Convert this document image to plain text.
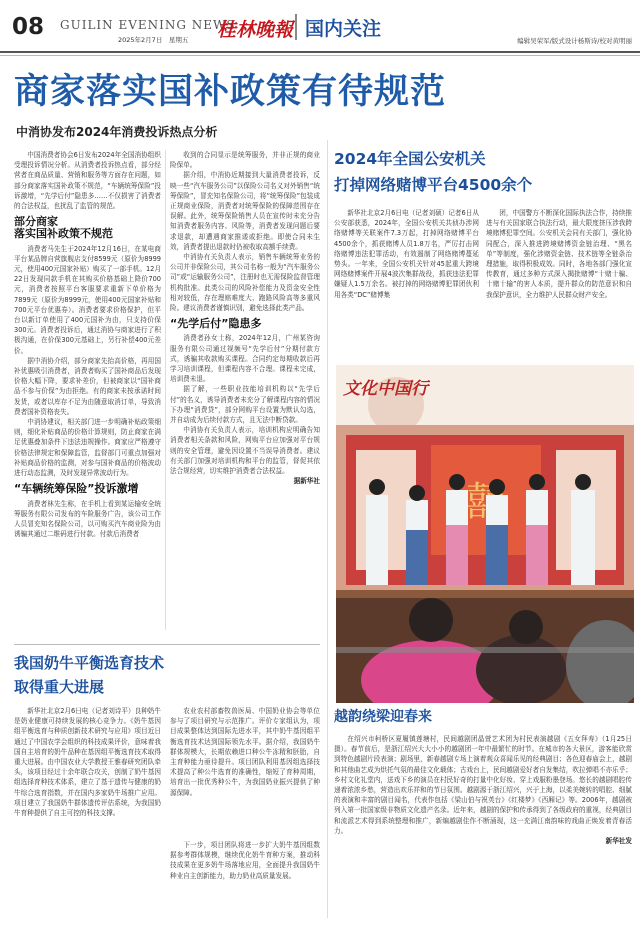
08 GUILIN EVENING NEWS
2025年2月7日　星期五 桂林晚報 国内关注
编辑吴荣军/版式设计杨斯诗/校对黄明丽
商家落实国补政策有待规范
中消协发布2024年消费投诉热点分析

中国消费者协会6日发布2024年全国消协组织受理投诉情况分析。从消费者投诉热点看，部分经营者在商品质量、营销和服务等方面存在问题，如部分商家落实国补政策不规范，“车辆统筹保险”投诉激增，“先学后付”隐患多……不仅损害了消费者的合法权益，也扰乱了监管的规范。

部分商家
落实国补政策不规范

消费者马先生于2024年12月16日，在某电商平台某品牌自营旗舰店支付8599元（原价为8999元，使用400元国家补贴）购买了一部手机。12月22日发现同款手机在其购买价格基础上降价700元，消费者按照平台客服要求重新下单价格为7899元（原价为8999元，使用400元国家补贴和700元平台优惠券）。消费者要求价格保护，但平台以新订单使用了400元国补为由，只支持价保300元。消费者投诉后，通过消协与商家进行了积极沟通，在价保300元基础上，另行补偿400元差价。

据中消协介绍，部分商家先抬高价格，再用国补优惠吸引消费者，消费者购买了国补商品后发现价格大幅下降，要求补差价，但被商家以“国补商品不参与价保”为由拒绝。有的商家未按承诺时间发货，或者以库存不足为由随意取消订单，导致消费者国补资格丧失。

中消协建议，相关部门进一步明确补贴政策细则，细化补贴商品的价格计算规则，防止商家在满足优惠叠加条件下违法违规操作。商家应严格遵守价格法律规定和保障监管，监督部门可重点加强对补贴商品价格的监测，对参与国补商品的价格波动进行动态监测，及时发现异常波动行为。

“车辆统筹保险”投诉激增

消费者林先生称，在手机上看到某运输安全统筹服务有限公司发布的车险服务广告，该公司工作人员冒充知名保险公司，以可购买汽车商业险为由诱骗其通过二维码进行付款。付款后消费者

收到的合同显示是统筹服务，并非正规的商业险保单。

据介绍，中消协近期接到大量消费者投诉，反映一些“汽车服务公司”以保险公司名义对外销售“统筹保险”，冒充知名保险公司，将“统筹保险”包装成正规商业保险，消费者对统筹保险的保障范围存在误解。此外，统筹保险销售人员在宣传时未充分告知消费者服务内容、风险等，消费者发现问题后要求退款，却遭遇商家推诿或拒绝。即使合同未生效，消费者提出退款时仍被收取高额手续费。

中消协有关负责人表示，销售车辆统筹业务的公司并非保险公司，其公司名称一般为“汽车服务公司”或“运输服务公司”，注册时也无需保险监督管理机构批准。此类公司的风险补偿能力及资金安全性相对较低，存在理赔难度大、跑路风险高等多重风险。建议消费者谨慎识别，避免选择此类产品。

“先学后付”隐患多

消费者孙女士称，2024年12月，广州某咨询服务有限公司通过视频号“先学后付”分期付款方式，诱骗其收款购买课程。合同约定每期收款后再学习培训课程，但课程内容不合理。课程未完成，培训费未退。

据了解，一些职业技能培训机构以“先学后付”的名义，诱导消费者未充分了解课程内容的情况下办理“消费贷”，部分网购平台设置为默认勾选，并自动成为后续付款方式，且无法中断贷款。

中消协有关负责人表示，培训机构应明确告知消费者相关条款和风险，网购平台应加强对平台规则的安全管理，避免因设置不当误导消费者。建议有关部门加强对培训机构和平台的监管，督促其依法合规经营，切实维护消费者合法权益。

据新华社
2024年全国公安机关
打掉网络赌博平台4500余个

新华社北京2月6日电（记者刘硕）记者6日从公安部获悉，2024年，全国公安机关共侦办涉网络赌博等关联案件7.3万起，打掉网络赌博平台4500余个，抓获赌博人员1.8万名，严厉打击网络赌博违法犯罪活动，有效遏制了网络赌博蔓延势头。一年来，全国公安机关针对45起重大跨境网络赌博案件开展4波次集群战役，抓获违法犯罪嫌疑人1.5万余名。被打掉的网络赌博犯罪团伙利用各类“DC”赌博集

团，中国警方不断深化国际执法合作，持续推进与有关国家联合执法行动，最大限度挤压涉我跨境赌博犯罪空间。公安机关会同有关部门，强化协同配合，深入推进跨境赌博资金链治理、“黑名单”等制度，强化涉赌资金链、技术链等全链条治理措施，取得积极成效。同时，各地各部门强化宣传教育，通过多种方式深入揭批赌博“十赌十骗、十赌十输”的害人本质，提升群众的防范意识和自我保护意识，全力维护人民群众财产安全。

文化中国行
越韵绕梁迎春来

在绍兴市柯桥区夏履镇莲塘村，民间越剧团晶萱艺术团为村民表演越剧《五女拜寿》（1月25日摄）。春节前后，是浙江绍兴大大小小的越剧团一年中最繁忙的时节。在城市的各大景区，游客能欣赏到特色越剧片段表演；剧场里，新春越剧专场上演着观众喜闻乐见的经典剧目；各色迎春庙会上，越剧和其他曲艺成为烘托气氛的最佳文化载体；古戏台上，民间越剧爱好者自发集结，吹拉弹唱不亦乐乎；乡村文化礼堂内，送戏下乡的演员在村民好奇的打量中化好妆、穿上戏服粉墨登场。悠长的越剧唱腔传递着浓浓乡愁，营造出欢乐祥和的节日氛围。越剧源于浙江绍兴，兴于上海，以柔美婉转的唱腔、细腻的表演和丰富的剧目闻名，代表作包括《梁山伯与祝英台》《红楼梦》《西厢记》等。2006年，越剧被列入第一批国家级非物质文化遗产名录。近年来，越剧的保护和传承得到了各级政府的重视，经典剧目和流派艺术得到系统整理和推广，新编越剧佳作不断涌现，这一充满江南韵味的戏曲正焕发着青春活力。

新华社发
我国奶牛平衡选育技术
取得重大进展

新华社北京2月6日电（记者刘诗平）良种奶牛是奶业健康可持续发展的核心竞争力。《奶牛基因组平衡选育与种质创新技术研究与应用》项目近日通过了中国农学会组织的科技成果评价，意味着我国自主培育的奶牛品种在基因组平衡选育技术取得重大进展。由中国农业大学教授王雅春研究团队牵头，该项目经过十余年联合攻关，创制了奶牛基因组选择育种技术体系，建立了基于遗传与健康的奶牛综合选育指数，并在国内多家奶牛场推广应用。项目建立了我国奶牛群体遗传评估系统，为我国奶牛育种提供了自主可控的科技支撑。

农业农村部畜牧兽医局、中国奶业协会等单位参与了项目研究与示范推广。评价专家组认为，项目成果整体达到国际先进水平，其中奶牛基因组平衡选育技术达到国际领先水平。据介绍，我国奶牛群体规模大，长期依赖进口种公牛冻精和胚胎，自主育种能力亟待提升。项目团队利用基因组选择技术提高了种公牛选育的准确性，缩短了育种周期，培育出一批优秀种公牛，为我国奶业振兴提供了种源保障。

下一步，项目团队将进一步扩大奶牛基因组数据参考群体规模，继续优化奶牛育种方案，推动科技成果在更多奶牛场落地应用，全面提升我国奶牛种业自主创新能力，助力奶业高质量发展。
